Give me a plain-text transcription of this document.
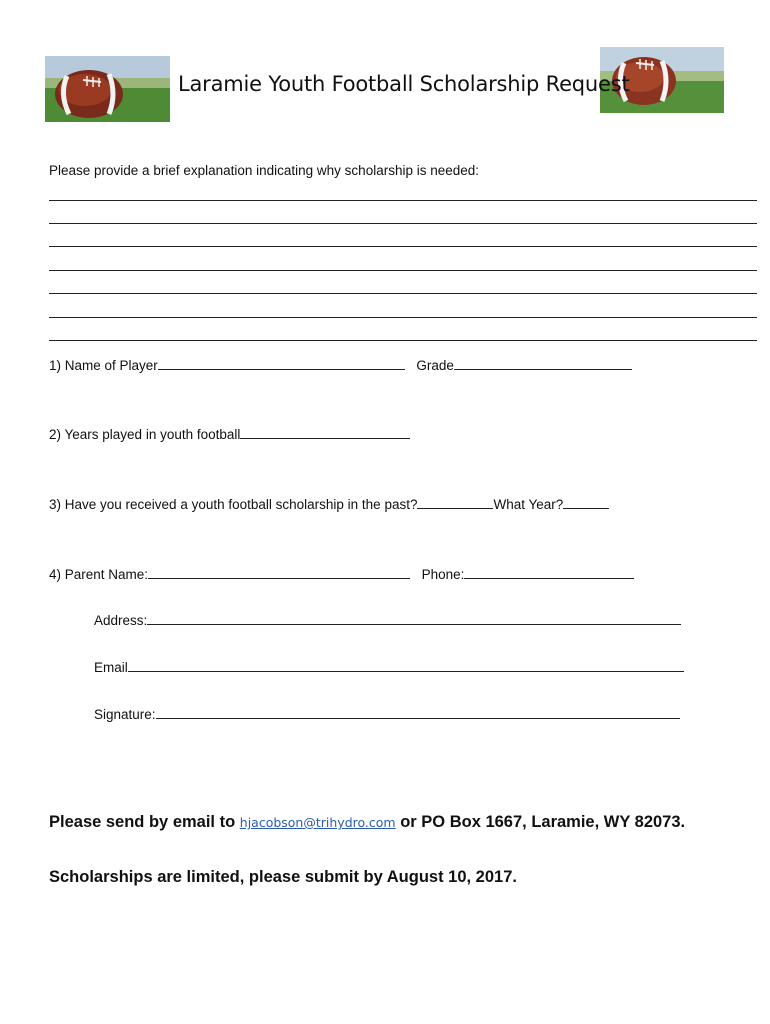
Laramie Youth Football Scholarship Request
Please provide a brief explanation indicating why scholarship is needed:
1) Name of Player	Grade
2) Years played in youth football
3) Have you received a youth football scholarship in the past?	What Year?
4) Parent Name:	Phone:
Address:
Email
Signature:
Please send by email to hjacobson@trihydro.com or PO Box 1667, Laramie, WY 82073.
Scholarships are limited, please submit by August 10, 2017.
